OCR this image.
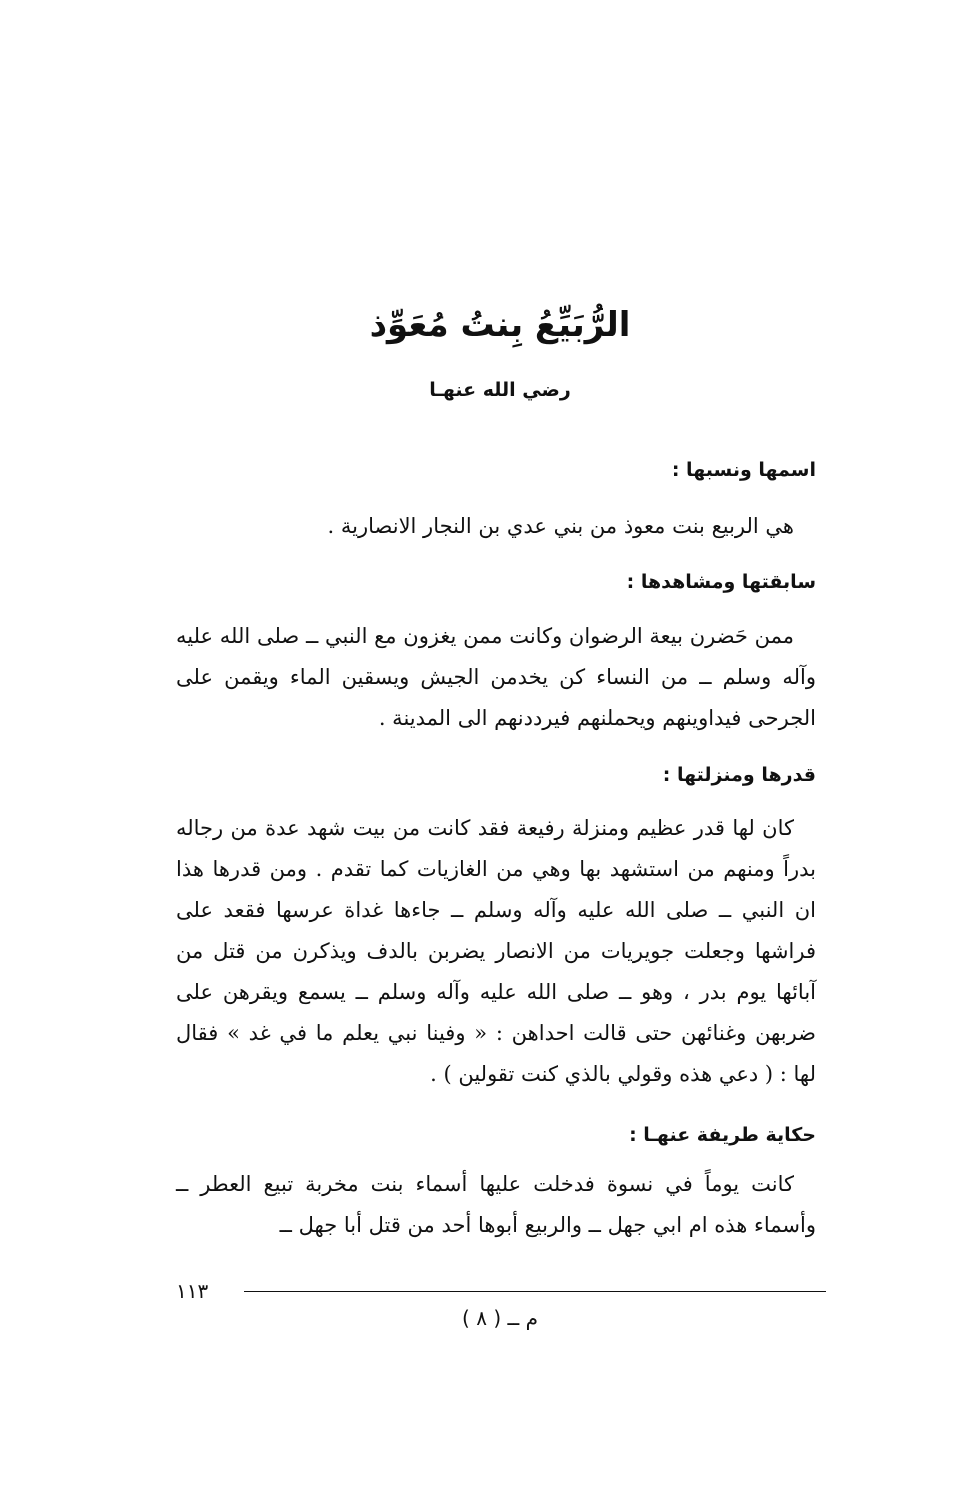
الرُّبَيِّعُ بِنتُ مُعَوِّذ
رضي الله عنهـا
اسمها ونسبها :

هي الربيع بنت معوذ من بني عدي بن النجار الانصارية .

سابقتها ومشاهدها :

ممن حَضرن بيعة الرضوان وكانت ممن يغزون مع النبي ــ صلى الله عليه وآله وسلم ــ من النساء كن يخدمن الجيش ويسقين الماء ويقمن على الجرحى فيداوينهم ويحملنهم فيرددنهم الى المدينة .

قدرها ومنزلتها :

كان لها قدر عظيم ومنزلة رفيعة فقد كانت من بيت شهد عدة من رجاله بدراً ومنهم من استشهد بها وهي من الغازيات كما تقدم . ومن قدرها هذا ان النبي ــ صلى الله عليه وآله وسلم ــ جاءها غداة عرسها فقعد على فراشها وجعلت جويريات من الانصار يضربن بالدف ويذكرن من قتل من آبائها يوم بدر ، وهو ــ صلى الله عليه وآله وسلم ــ يسمع ويقرهن على ضربهن وغنائهن حتى قالت احداهن : « وفينا نبي يعلم ما في غد » فقال لها : ( دعي هذه وقولي بالذي كنت تقولين ) .

حكاية طريفة عنهـا :

كانت يوماً في نسوة فدخلت عليها أسماء بنت مخربة تبيع العطر ــ وأسماء هذه ام ابي جهل ــ والربيع أبوها أحد من قتل أبا جهل ــ

١١٣
م ــ ( ٨ )
